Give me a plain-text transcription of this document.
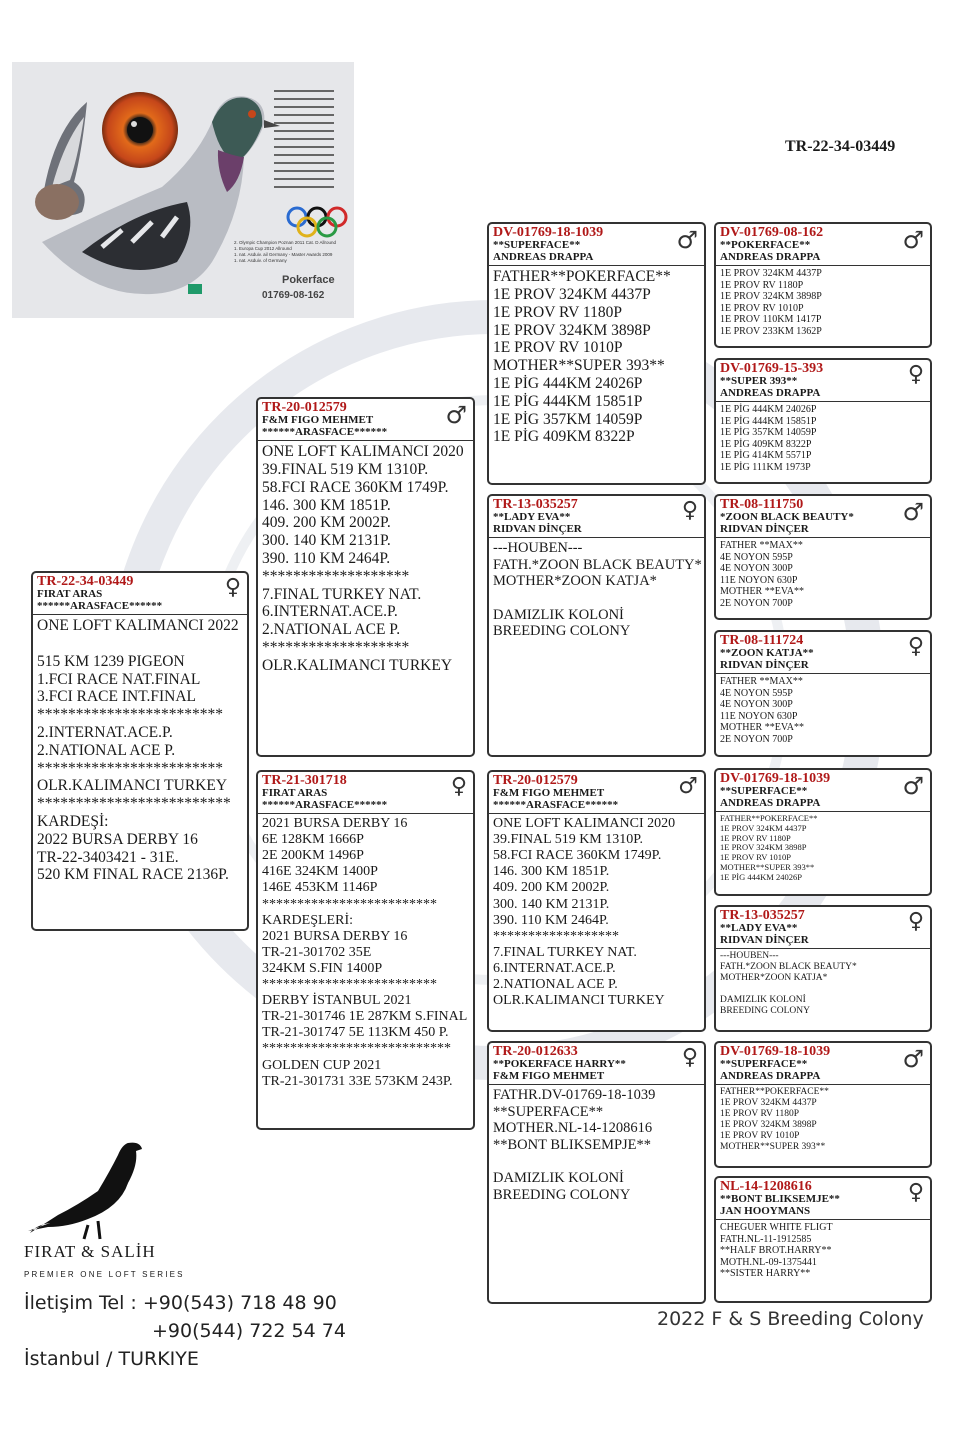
2. Olympic Champion Poznan 2011 Cat. D Allround
1. Europa Cup 2012 Allround
1. nat. Asduiv. ail Germany - Master Awards 2009
1. nat. Asduiv. of Germany
Pokerface
01769-08-162
TR-22-34-03449
TR-22-34-03449
FIRAT ARAS
******ARASFACE******
♀
ONE LOFT KALIMANCI 2022
515 KM 1239 PIGEON
1.FCI RACE NAT.FINAL
3.FCI RACE INT.FINAL
************************
2.INTERNAT.ACE.P.
2.NATIONAL ACE P.
************************
OLR.KALIMANCI TURKEY
*************************
KARDEŞİ:
2022 BURSA DERBY 16
TR-22-3403421 - 31E.
520 KM FINAL RACE 2136P.
TR-20-012579
F&M FIGO MEHMET
******ARASFACE******
♂
ONE LOFT KALIMANCI 2020
39.FINAL 519 KM 1310P.
58.FCI RACE 360KM 1749P.
146. 300 KM 1851P.
409. 200 KM 2002P.
300. 140 KM 2131P.
390. 110 KM 2464P.
*******************
7.FINAL TURKEY NAT.
6.INTERNAT.ACE.P.
2.NATIONAL ACE P.
*******************
OLR.KALIMANCI TURKEY
TR-21-301718
FIRAT ARAS
******ARASFACE******
♀
2021 BURSA DERBY 16
6E 128KM 1666P
2E 200KM 1496P
416E 324KM 1400P
146E 453KM 1146P
*************************
KARDEŞLERİ:
2021 BURSA DERBY 16
TR-21-301702 35E
324KM S.FIN 1400P
*************************
DERBY İSTANBUL 2021
TR-21-301746 1E 287KM S.FINAL
TR-21-301747 5E 113KM 450 P.
***************************
GOLDEN CUP 2021
TR-21-301731 33E 573KM 243P.
DV-01769-18-1039
**SUPERFACE**
ANDREAS DRAPPA
♂
FATHER**POKERFACE**
1E PROV 324KM 4437P
1E PROV RV 1180P
1E PROV 324KM 3898P
1E PROV RV 1010P
MOTHER**SUPER 393**
1E PİG 444KM 24026P
1E PİG 444KM 15851P
1E PİG 357KM 14059P
1E PİG 409KM 8322P
TR-13-035257
**LADY EVA**
RIDVAN DİNÇER
♀
---HOUBEN---
FATH.*ZOON BLACK BEAUTY*
MOTHER*ZOON KATJA*
DAMIZLIK KOLONİ
BREEDING COLONY
TR-20-012579
F&M FIGO MEHMET
******ARASFACE******
♂
ONE LOFT KALIMANCI 2020
39.FINAL 519 KM 1310P.
58.FCI RACE 360KM 1749P.
146. 300 KM 1851P.
409. 200 KM 2002P.
300. 140 KM 2131P.
390. 110 KM 2464P.
******************
7.FINAL TURKEY NAT.
6.INTERNAT.ACE.P.
2.NATIONAL ACE P.
OLR.KALIMANCI TURKEY
TR-20-012633
**POKERFACE HARRY**
F&M FIGO MEHMET
♀
FATHR.DV-01769-18-1039
**SUPERFACE**
MOTHER.NL-14-1208616
**BONT BLIKSEMPJE**
DAMIZLIK KOLONİ
BREEDING COLONY
DV-01769-08-162
**POKERFACE**
ANDREAS DRAPPA
♂
1E PROV 324KM 4437P
1E PROV RV 1180P
1E PROV 324KM 3898P
1E PROV RV 1010P
1E PROV 110KM 1417P
1E PROV 233KM 1362P
DV-01769-15-393
**SUPER 393**
ANDREAS DRAPPA
♀
1E PİG 444KM 24026P
1E PİG 444KM 15851P
1E PİG 357KM 14059P
1E PİG 409KM 8322P
1E PİG 414KM 5571P
1E PİG 111KM 1973P
TR-08-111750
*ZOON BLACK BEAUTY*
RIDVAN DİNÇER
♂
FATHER **MAX**
4E NOYON 595P
4E NOYON 300P
11E NOYON 630P
MOTHER **EVA**
2E NOYON 700P
TR-08-111724
**ZOON KATJA**
RIDVAN DİNÇER
♀
FATHER **MAX**
4E NOYON 595P
4E NOYON 300P
11E NOYON 630P
MOTHER **EVA**
2E NOYON 700P
DV-01769-18-1039
**SUPERFACE**
ANDREAS DRAPPA
♂
FATHER**POKERFACE**
1E PROV 324KM 4437P
1E PROV RV 1180P
1E PROV 324KM 3898P
1E PROV RV 1010P
MOTHER**SUPER 393**
1E PİG 444KM 24026P
TR-13-035257
**LADY EVA**
RIDVAN DİNÇER
♀
---HOUBEN---
FATH.*ZOON BLACK BEAUTY*
MOTHER*ZOON KATJA*
DAMIZLIK KOLONİ
BREEDING COLONY
DV-01769-18-1039
**SUPERFACE**
ANDREAS DRAPPA
♂
FATHER**POKERFACE**
1E PROV 324KM 4437P
1E PROV RV 1180P
1E PROV 324KM 3898P
1E PROV RV 1010P
MOTHER**SUPER 393**
NL-14-1208616
**BONT BLIKSEMJE**
JAN HOOYMANS
♀
CHEGUER WHITE FLIGT
FATH.NL-11-1912585
**HALF BROT.HARRY**
MOTH.NL-09-1375441
**SISTER HARRY**
FIRAT & SALİH
PREMIER ONE LOFT SERIES
İletişim Tel : +90(543) 718 48 90
+90(544) 722 54 74
İstanbul / TURKIYE
2022 F & S Breeding Colony
